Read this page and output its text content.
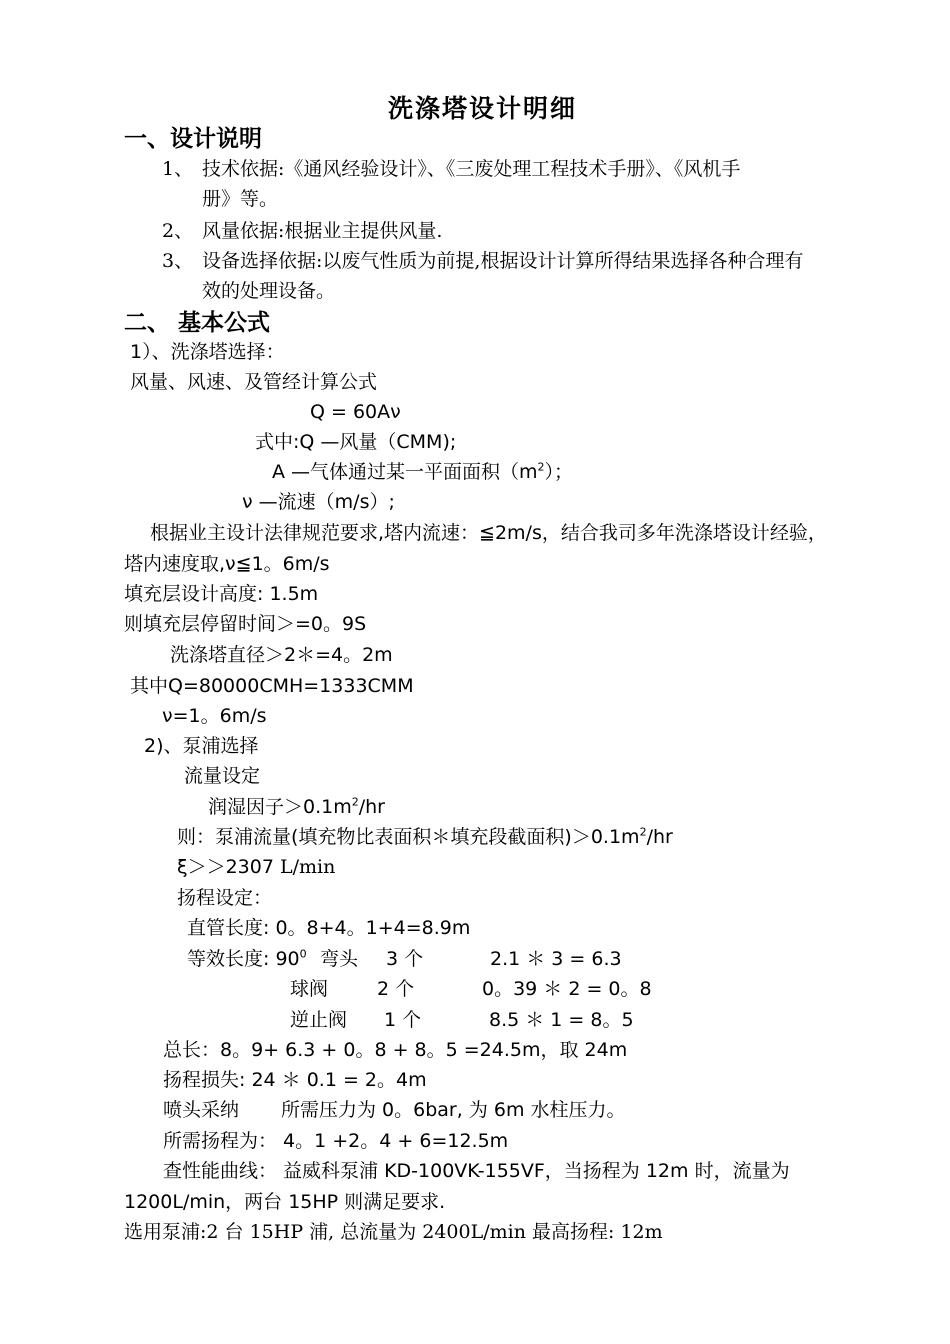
洗涤塔设计明细
一、设计说明
1、 技术依据:《通风经验设计》、《三废处理工程技术手册》、《风机手
册》等。
2、 风量依据:根据业主提供风量.
3、 设备选择依据:以废气性质为前提,根据设计计算所得结果选择各种合理有
效的处理设备。
二、 基本公式
1）、洗涤塔选择：
风量、风速、及管经计算公式
Q = 60Aν
式中:Q —风量（CMM);
A —气体通过某一平面面积$(m^2)$；
ν —流速（m/s）;
根据业主设计法律规范要求,塔内流速：≦2m/s，结合我司多年洗涤塔设计经验，
塔内速度取,ν≦1。6m/s
填充层设计高度: 1.5m
则填充层停留时间＞=0。9S
洗涤塔直径＞2＊=4。2m
其中Q=80000CMH=1333CMM
ν=1。6m/s
2)、泵浦选择
流量设定
润湿因子$>0.1m^2/hr$
则：泵浦流量(填充物比表面积＊填充段截面积)$>0.1m^2/hr$
ξ＞＞2307 L/min
扬程设定：
直管长度: 0。8+4。1+4=8.9m
等效长度: $90^0$ 弯头 3 个	2.1 ＊ 3 = 6.3
球阀	2 个	0。39 ＊ 2 = 0。8
逆止阀 1 个	8.5 ＊ 1 = 8。5
总长：8。9+ 6.3 + 0。8 + 8。5 =24.5m，取 24m
扬程损失: 24 ＊ 0.1 = 2。4m
喷头采纳 所需压力为 0。6bar, 为 6m 水柱压力。
所需扬程为： 4。1 +2。4 + 6=12.5m
查性能曲线： 益威科泵浦 KD-100VK-155VF，当扬程为 12m 时，流量为
1200L/min，两台 15HP 则满足要求.
选用泵浦:2 台 15HP 浦, 总流量为 2400L/min 最高扬程: 12m
